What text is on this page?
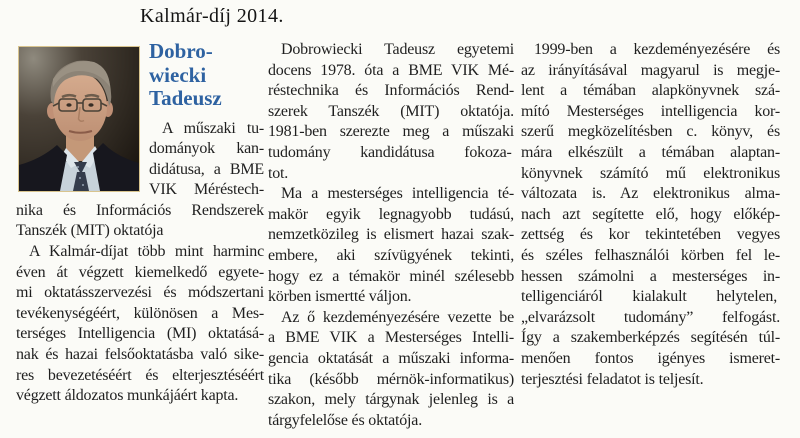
Kalmár-díj 2014.
Dobro-
wiecki
Tadeusz
A műszaki tu-
dományok kan-
didátusa, a BME
VIK Méréstech-
nika és Információs Rendszerek
Tanszék (MIT) oktatója
A Kalmár-díjat több mint harminc
éven át végzett kiemelkedő egyete-
mi oktatásszervezési és módszertani
tevékenységéért, különösen a Mes-
terséges Intelligencia (MI) oktatásá-
nak és hazai felsőoktatásba való sike-
res bevezetéséért és elterjesztéséért
végzett áldozatos munkájáért kapta.
Dobrowiecki Tadeusz egyetemi
docens 1978. óta a BME VIK Mé-
réstechnika és Információs Rend-
szerek Tanszék (MIT) oktatója.
1981-ben szerezte meg a műszaki
tudomány kandidátusa fokoza-
tot.
Ma a mesterséges intelligencia té-
makör egyik legnagyobb tudású,
nemzetközileg is elismert hazai szak-
embere, aki szívügyének tekinti,
hogy ez a témakör minél szélesebb
körben ismertté váljon.
Az ő kezdeményezésére vezette be
a BME VIK a Mesterséges Intelli-
gencia oktatását a műszaki informa-
tika (később mérnök-informatikus)
szakon, mely tárgynak jelenleg is a
tárgyfelelőse és oktatója.
1999-ben a kezdeményezésére és
az irányításával magyarul is megje-
lent a témában alapkönyvnek szá-
mító Mesterséges intelligencia kor-
szerű megközelítésben c. könyv, és
mára elkészült a témában alaptan-
könyvnek számító mű elektronikus
változata is. Az elektronikus alma-
nach azt segítette elő, hogy előkép-
zettség és kor tekintetében vegyes
és széles felhasználói körben fel le-
hessen számolni a mesterséges in-
telligenciáról kialakult helytelen,
„elvarázsolt tudomány” felfogást.
Így a szakemberképzés segítésén túl-
menően fontos igényes ismeret-
terjesztési feladatot is teljesít.
